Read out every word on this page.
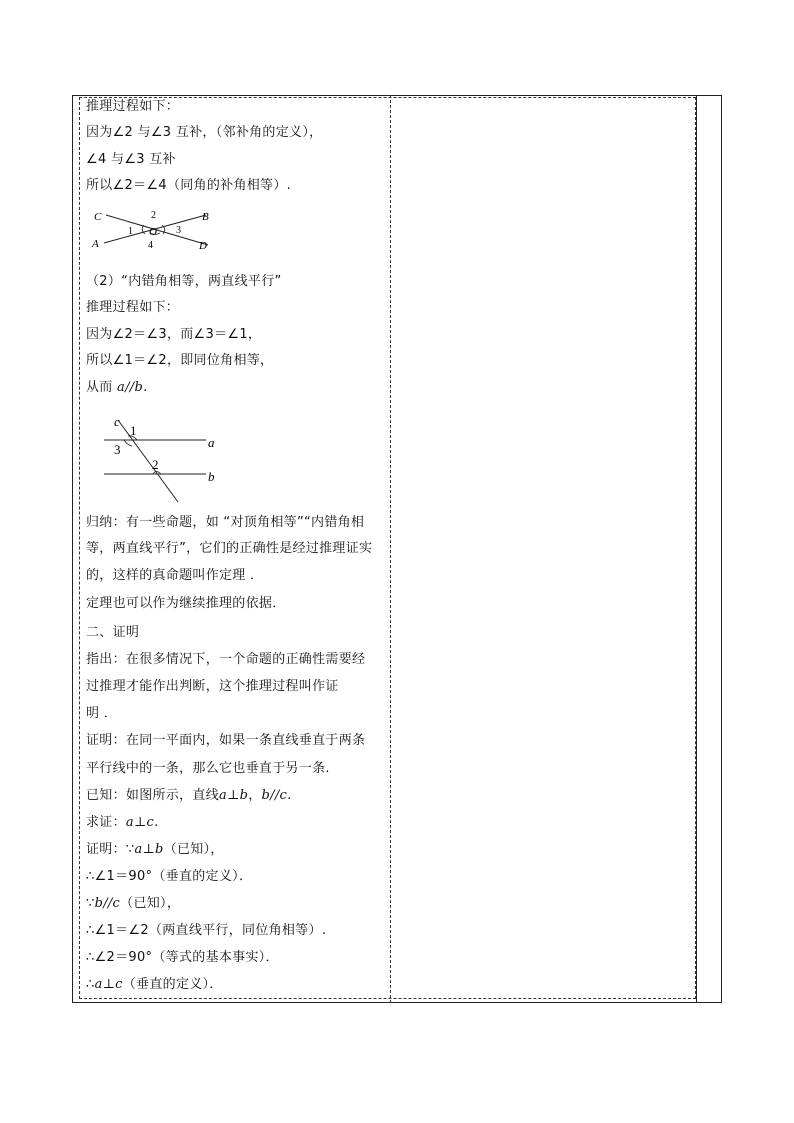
推理过程如下：
因为∠2 与∠3 互补，（邻补角的定义），
∠4 与∠3 互补
所以∠2＝∠4（同角的补角相等）.
C	B
A	D
O
1
2
3
4
（2）“内错角相等，两直线平行”
推理过程如下：
因为∠2＝∠3，而∠3＝∠1，
所以∠1＝∠2，即同位角相等，
从而 a//b.
c
a
b
1
3
2
归纳：有一些命题，如 “对顶角相等”“内错角相
等，两直线平行”，它们的正确性是经过推理证实
的，这样的真命题叫作定理 ．
定理也可以作为继续推理的依据．
二、证明
指出：在很多情况下，一个命题的正确性需要经
过推理才能作出判断，这个推理过程叫作证
明 ．
证明：在同一平面内，如果一条直线垂直于两条
平行线中的一条，那么它也垂直于另一条.
已知：如图所示，直线a⊥b，b//c.
求证：a⊥c.
证明：∵a⊥b（已知），
∴∠1＝90°（垂直的定义）．
∵b//c（已知），
∴∠1＝∠2（两直线平行，同位角相等）.
∴∠2＝90°（等式的基本事实）．
∴a⊥c（垂直的定义）．
